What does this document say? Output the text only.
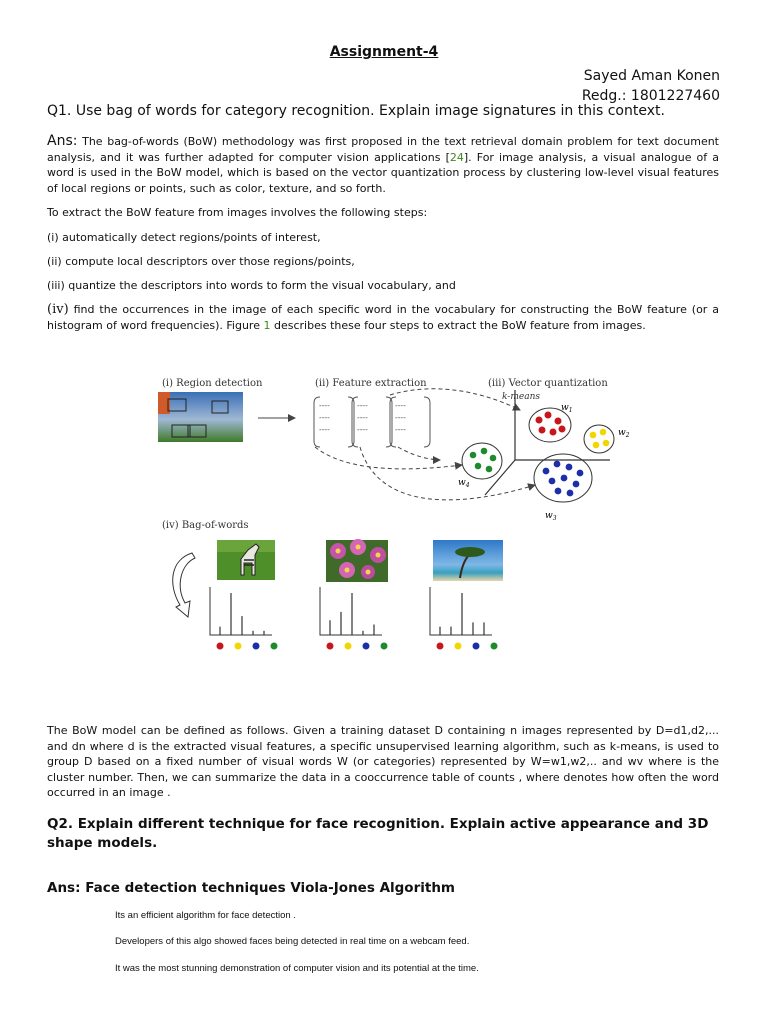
Assignment-4
Sayed Aman Konen
Redg.: 1801227460
Q1. Use bag of words for category recognition. Explain image signatures in this context.
Ans: The bag-of-words (BoW) methodology was first proposed in the text retrieval domain problem for text document analysis, and it was further adapted for computer vision applications [24]. For image analysis, a visual analogue of a word is used in the BoW model, which is based on the vector quantization process by clustering low-level visual features of local regions or points, such as color, texture, and so forth.
To extract the BoW feature from images involves the following steps:
(i) automatically detect regions/points of interest,
(ii) compute local descriptors over those regions/points,
(iii) quantize the descriptors into words to form the visual vocabulary, and
(iv) find the occurrences in the image of each specific word in the vocabulary for constructing the BoW feature (or a histogram of word frequencies). Figure 1 describes these four steps to extract the BoW feature from images.
(i) Region detection	(ii) Feature extraction	(iii) Vector quantization
----
----
----
----
----
----
----
----
----
k-means
$w_1$
$w_2$
$w_4$
$w_3$
(iv) Bag-of-words
The BoW model can be defined as follows. Given a training dataset D containing n images represented by D=d1,d2,... and dn where d is the extracted visual features, a specific unsupervised learning algorithm, such as k-means, is used to group D based on a fixed number of visual words W (or categories) represented by W=w1,w2,.. and wv where is the cluster number. Then, we can summarize the data in a cooccurrence table of counts , where denotes how often the word occurred in an image .
Q2. Explain different technique for face recognition. Explain active appearance and 3D shape models.
Ans: Face detection techniques Viola-Jones Algorithm
Its an efficient algorithm for face detection .
Developers of this algo showed faces being detected in real time on a webcam feed.
It was the most stunning demonstration of computer vision and its potential at the time.
